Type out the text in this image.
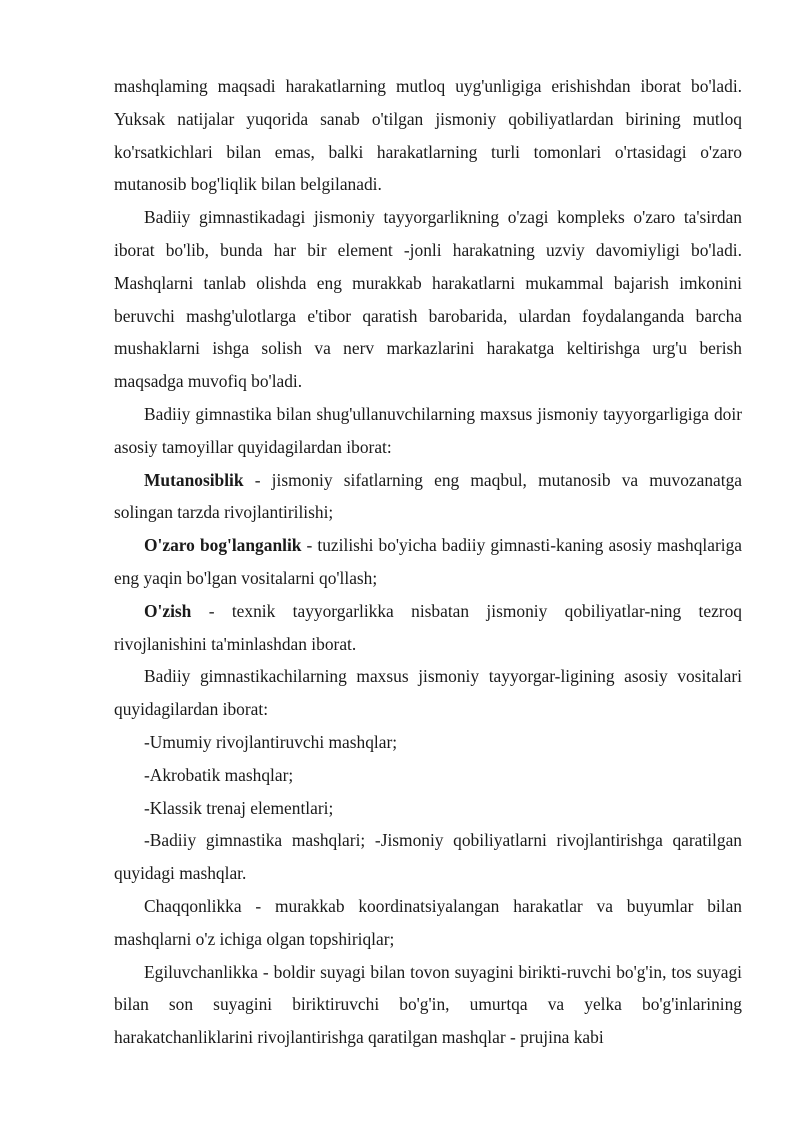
mashqlaming maqsadi harakatlarning mutloq uyg'unligiga erishishdan iborat bo'ladi. Yuksak natijalar yuqorida sanab o'tilgan jismoniy qobiliyatlardan birining mutloq ko'rsatkichlari bilan emas, balki harakatlarning turli tomonlari o'rtasidagi o'zaro mutanosib bog'liqlik bilan belgilanadi.

Badiiy gimnastikadagi jismoniy tayyorgarlikning o'zagi kompleks o'zaro ta'sirdan iborat bo'lib, bunda har bir element -jonli harakatning uzviy davomiyligi bo'ladi. Mashqlarni tanlab olishda eng murakkab harakatlarni mukammal bajarish imkonini beruvchi mashg'ulotlarga e'tibor qaratish barobarida, ulardan foydalanganda barcha mushaklarni ishga solish va nerv markazlarini harakatga keltirishga urg'u berish maqsadga muvofiq bo'ladi.

Badiiy gimnastika bilan shug'ullanuvchilarning maxsus jismoniy tayyorgarligiga doir asosiy tamoyillar quyidagilardan iborat:

Mutanosiblik - jismoniy sifatlarning eng maqbul, mutanosib va muvozanatga solingan tarzda rivojlantirilishi;

O'zaro bog'langanlik - tuzilishi bo'yicha badiiy gimnasti-kaning asosiy mashqlariga eng yaqin bo'lgan vositalarni qo'llash;

O'zish - texnik tayyorgarlikka nisbatan jismoniy qobiliyatlar-ning tezroq rivojlanishini ta'minlashdan iborat.

Badiiy gimnastikachilarning maxsus jismoniy tayyorgar-ligining asosiy vositalari quyidagilardan iborat:

-Umumiy rivojlantiruvchi mashqlar;

-Akrobatik mashqlar;

-Klassik trenaj elementlari;

-Badiiy gimnastika mashqlari; -Jismoniy qobiliyatlarni rivojlantirishga qaratilgan quyidagi mashqlar.

Chaqqonlikka - murakkab koordinatsiyalangan harakatlar va buyumlar bilan mashqlarni o'z ichiga olgan topshiriqlar;

Egiluvchanlikka - boldir suyagi bilan tovon suyagini birikti-ruvchi bo'g'in, tos suyagi bilan son suyagini biriktiruvchi bo'g'in, umurtqa va yelka bo'g'inlarining harakatchanliklarini rivojlantirishga qaratilgan mashqlar - prujina kabi
